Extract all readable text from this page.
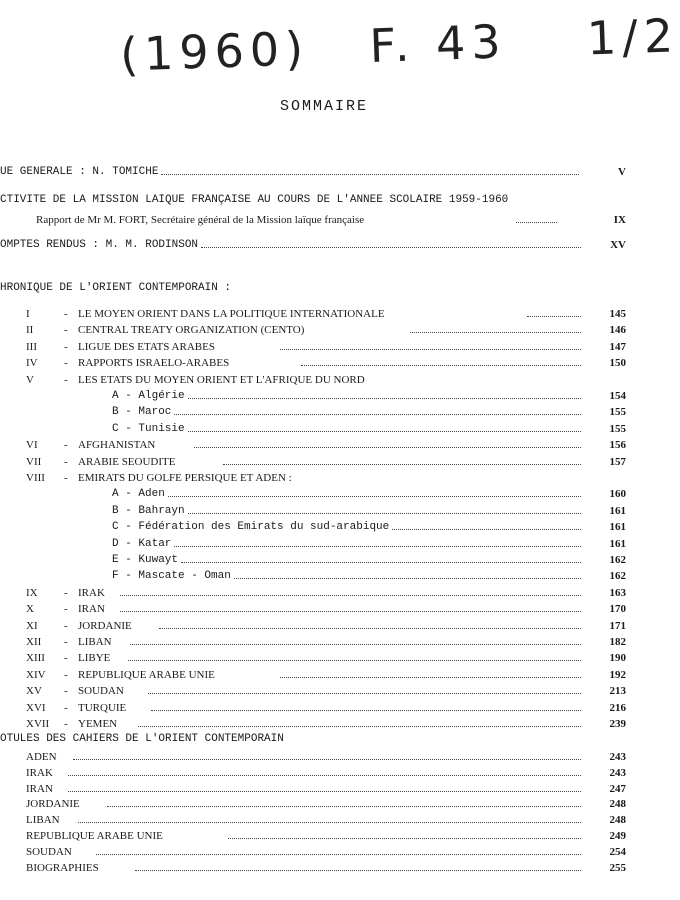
(1960) F. 43 1/2
SOMMAIRE
UE GENERALE : N. TOMICHE	V
CTIVITE DE LA MISSION LAIQUE FRANÇAISE AU COURS DE L'ANNEE SCOLAIRE 1959-1960
Rapport de Mr M. FORT, Secrétaire général de la Mission laïque française	IX
OMPTES RENDUS : M. M. RODINSON	XV
HRONIQUE DE L'ORIENT CONTEMPORAIN :
I	- LE MOYEN ORIENT DANS LA POLITIQUE INTERNATIONALE	145
II	- CENTRAL TREATY ORGANIZATION (CENTO)	146
III - LIGUE DES ETATS ARABES	147
IV - RAPPORTS ISRAELO-ARABES	150
V	- LES ETATS DU MOYEN ORIENT ET L'AFRIQUE DU NORD
A - Algérie	154
B - Maroc	155
C - Tunisie	155
VI - AFGHANISTAN	156
VII - ARABIE SEOUDITE	157
VIII - EMIRATS DU GOLFE PERSIQUE ET ADEN :
A - Aden	160
B - Bahrayn	161
C - Fédération des Emirats du sud-arabique	161
D - Katar	161
E - Kuwayt	162
F - Mascate - Oman	162
IX - IRAK	163
X	- IRAN	170
XI - JORDANIE	171
XII - LIBAN	182
XIII - LIBYE	190
XIV - REPUBLIQUE ARABE UNIE	192
XV - SOUDAN	213
XVI - TURQUIE	216
XVII - YEMEN	239
OTULES DES CAHIERS DE L'ORIENT CONTEMPORAIN
ADEN	243
IRAK	243
IRAN	247
JORDANIE	248
LIBAN	248
REPUBLIQUE ARABE UNIE	249
SOUDAN	254
BIOGRAPHIES	255
